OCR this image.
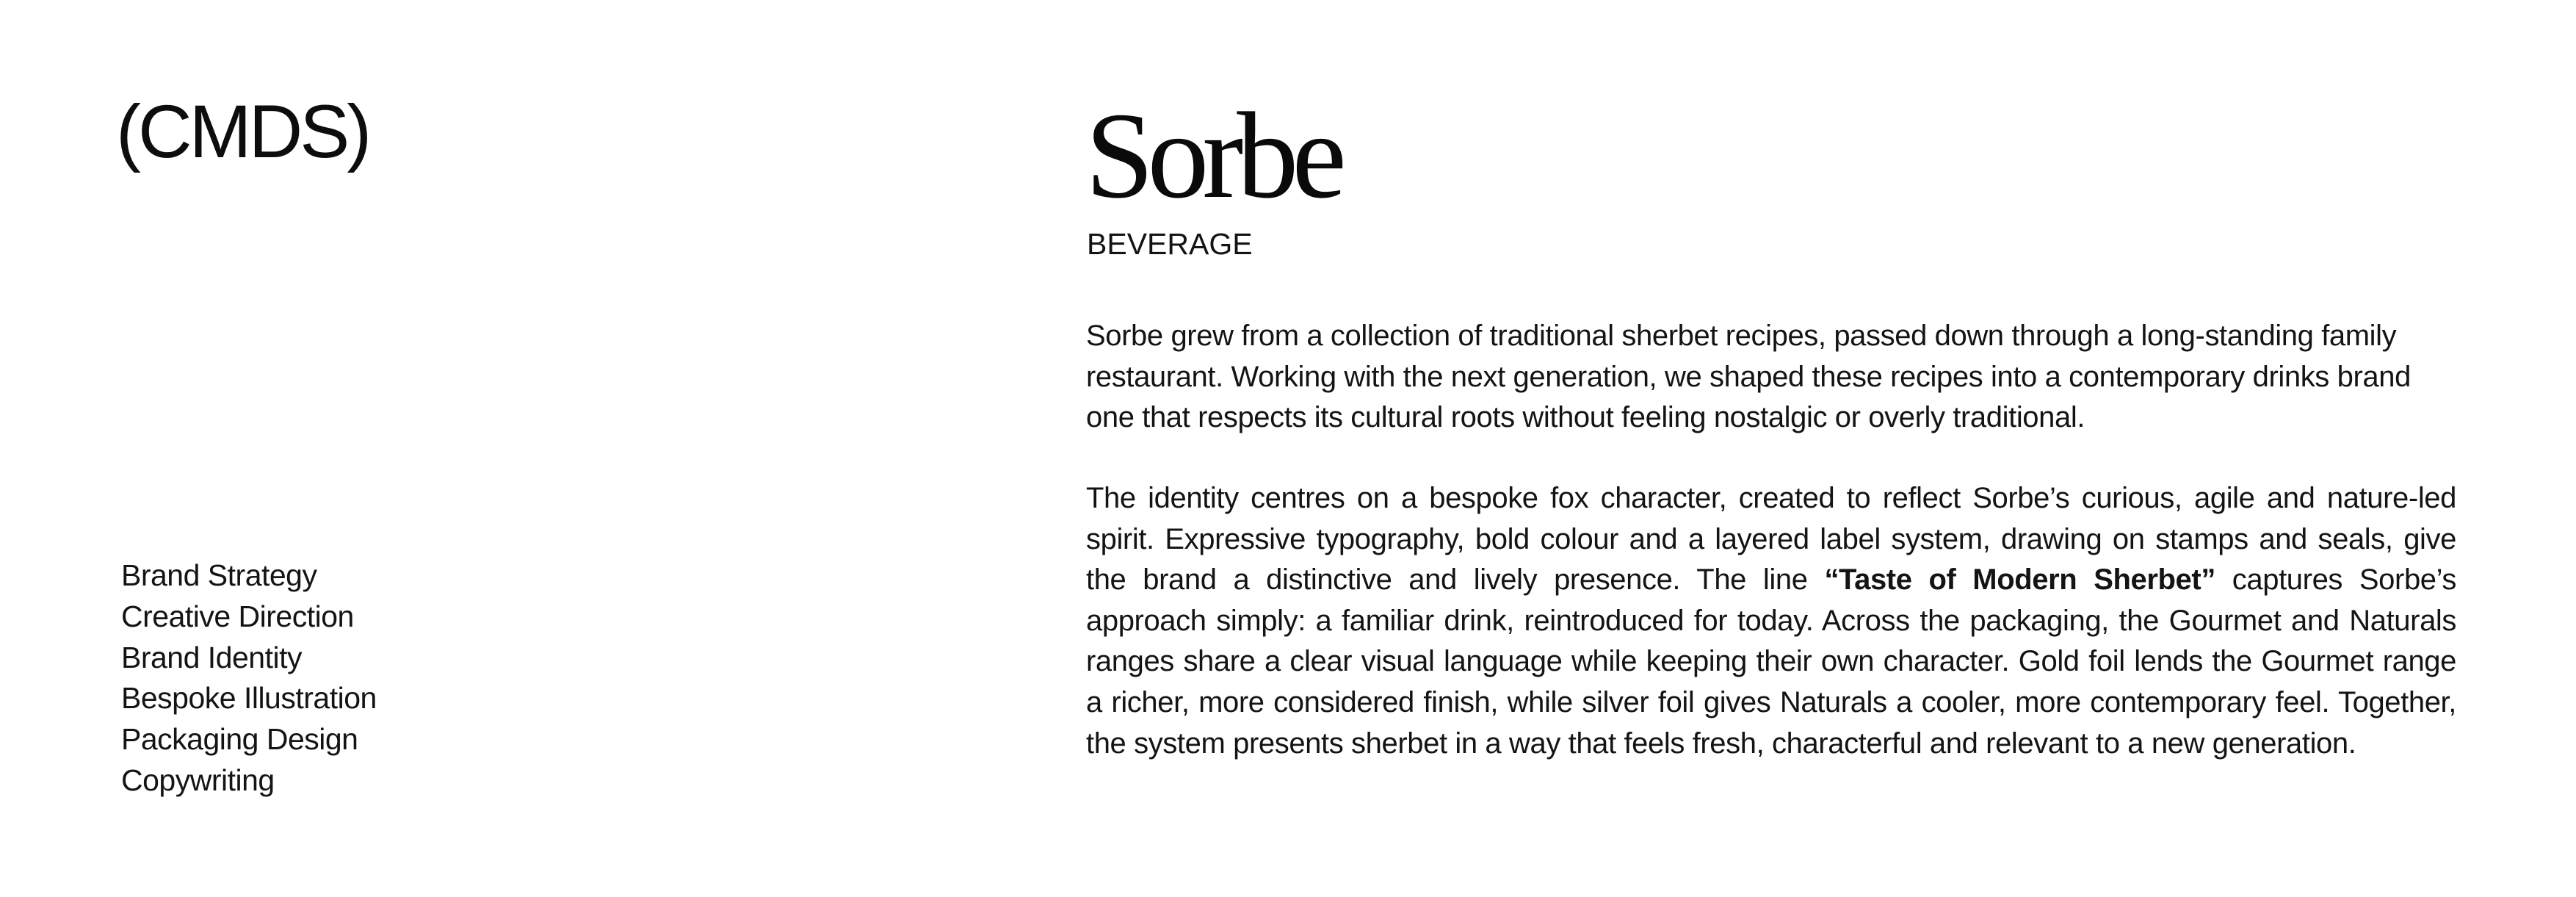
(CMDS)
Brand Strategy
Creative Direction
Brand Identity
Bespoke Illustration
Packaging Design
Copywriting
Sorbe
BEVERAGE

Sorbe grew from a collection of traditional sherbet recipes, passed down through a long-standing family restaurant. Working with the next generation, we shaped these recipes into a contemporary drinks brand one that respects its cultural roots without feeling nostalgic or overly traditional.

The identity centres on a bespoke fox character, created to reflect Sorbe’s curious, agile and nature-led spirit. Expressive typography, bold colour and a layered label system, drawing on stamps and seals, give the brand a distinctive and lively presence. The line “Taste of Modern Sherbet” captures Sorbe’s approach simply: a familiar drink, reintroduced for today. Across the packaging, the Gourmet and Naturals ranges share a clear visual language while keeping their own character. Gold foil lends the Gourmet range a richer, more considered finish, while silver foil gives Naturals a cooler, more contemporary feel. Together, the system presents sherbet in a way that feels fresh, characterful and relevant to a new generation.
